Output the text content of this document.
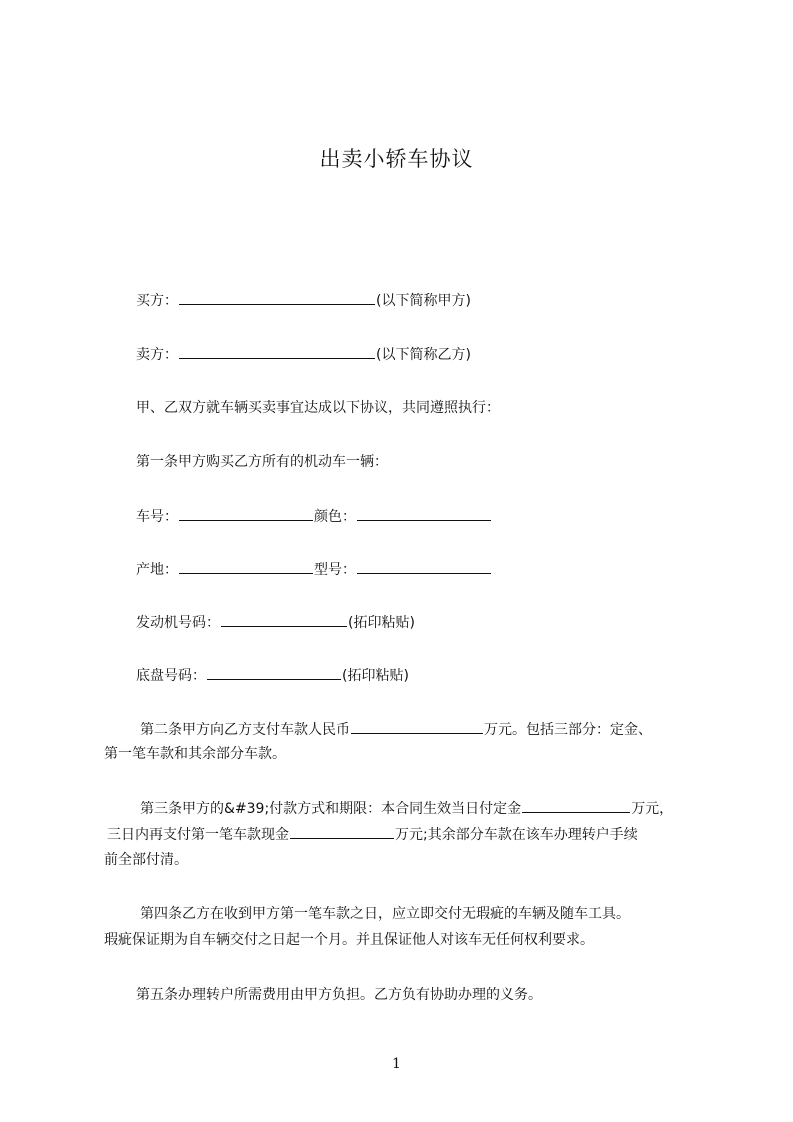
出卖小轿车协议
买方：	(以下简称甲方)
卖方：	(以下简称乙方)
甲、乙双方就车辆买卖事宜达成以下协议，共同遵照执行：
第一条甲方购买乙方所有的机动车一辆：
车号：	颜色：
产地：	型号：
发动机号码：	(拓印粘贴)
底盘号码：	(拓印粘贴)
第二条甲方向乙方支付车款人民币	万元。包括三部分：定金、
第一笔车款和其余部分车款。
第三条甲方的&#39;付款方式和期限：本合同生效当日付定金	万元，
三日内再支付第一笔车款现金	万元;其余部分车款在该车办理转户手续
前全部付清。
第四条乙方在收到甲方第一笔车款之日，应立即交付无瑕疵的车辆及随车工具。
瑕疵保证期为自车辆交付之日起一个月。并且保证他人对该车无任何权利要求。
第五条办理转户所需费用由甲方负担。乙方负有协助办理的义务。
1
